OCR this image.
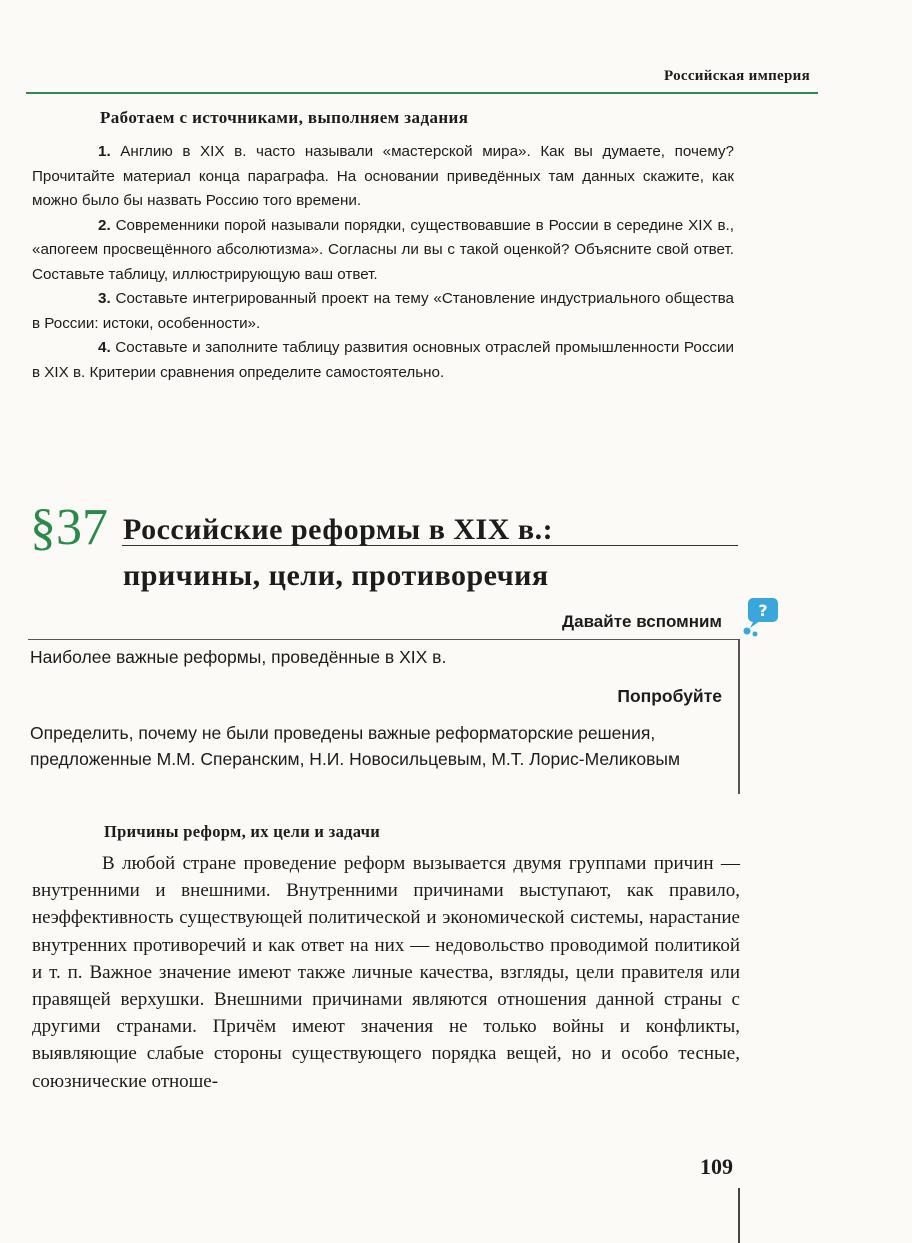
Российская империя
Работаем с источниками, выполняем задания

1. Англию в XIX в. часто называли «мастерской мира». Как вы думаете, почему? Прочитайте материал конца параграфа. На основании приведённых там данных скажите, как можно было бы назвать Россию того времени.

2. Современники порой называли порядки, существовавшие в России в середине XIX в., «апогеем просвещённого абсолютизма». Согласны ли вы с такой оценкой? Объясните свой ответ. Составьте таблицу, иллюстрирующую ваш ответ.

3. Составьте интегрированный проект на тему «Становление индустриального общества в России: истоки, особенности».

4. Составьте и заполните таблицу развития основных отраслей промышленности России в XIX в. Критерии сравнения определите самостоятельно.

§37 Российские реформы в XIX в.:
причины, цели, противоречия
Давайте вспомним
?
Наиболее важные реформы, проведённые в XIX в.
Попробуйте
Определить, почему не были проведены важные реформаторские решения, предложенные М.М. Сперанским, Н.И. Новосильцевым, М.Т. Лорис-Меликовым
Причины реформ, их цели и задачи

В любой стране проведение реформ вызывается двумя группами причин — внутренними и внешними. Внутренними причинами выступают, как правило, неэффективность существующей политической и экономической системы, нарастание внутренних противоречий и как ответ на них — недовольство проводимой политикой и т. п. Важное значение имеют также личные качества, взгляды, цели правителя или правящей верхушки. Внешними причинами являются отношения данной страны с другими странами. Причём имеют значения не только войны и конфликты, выявляющие слабые стороны существующего порядка вещей, но и особо тесные, союзнические отноше-

109
